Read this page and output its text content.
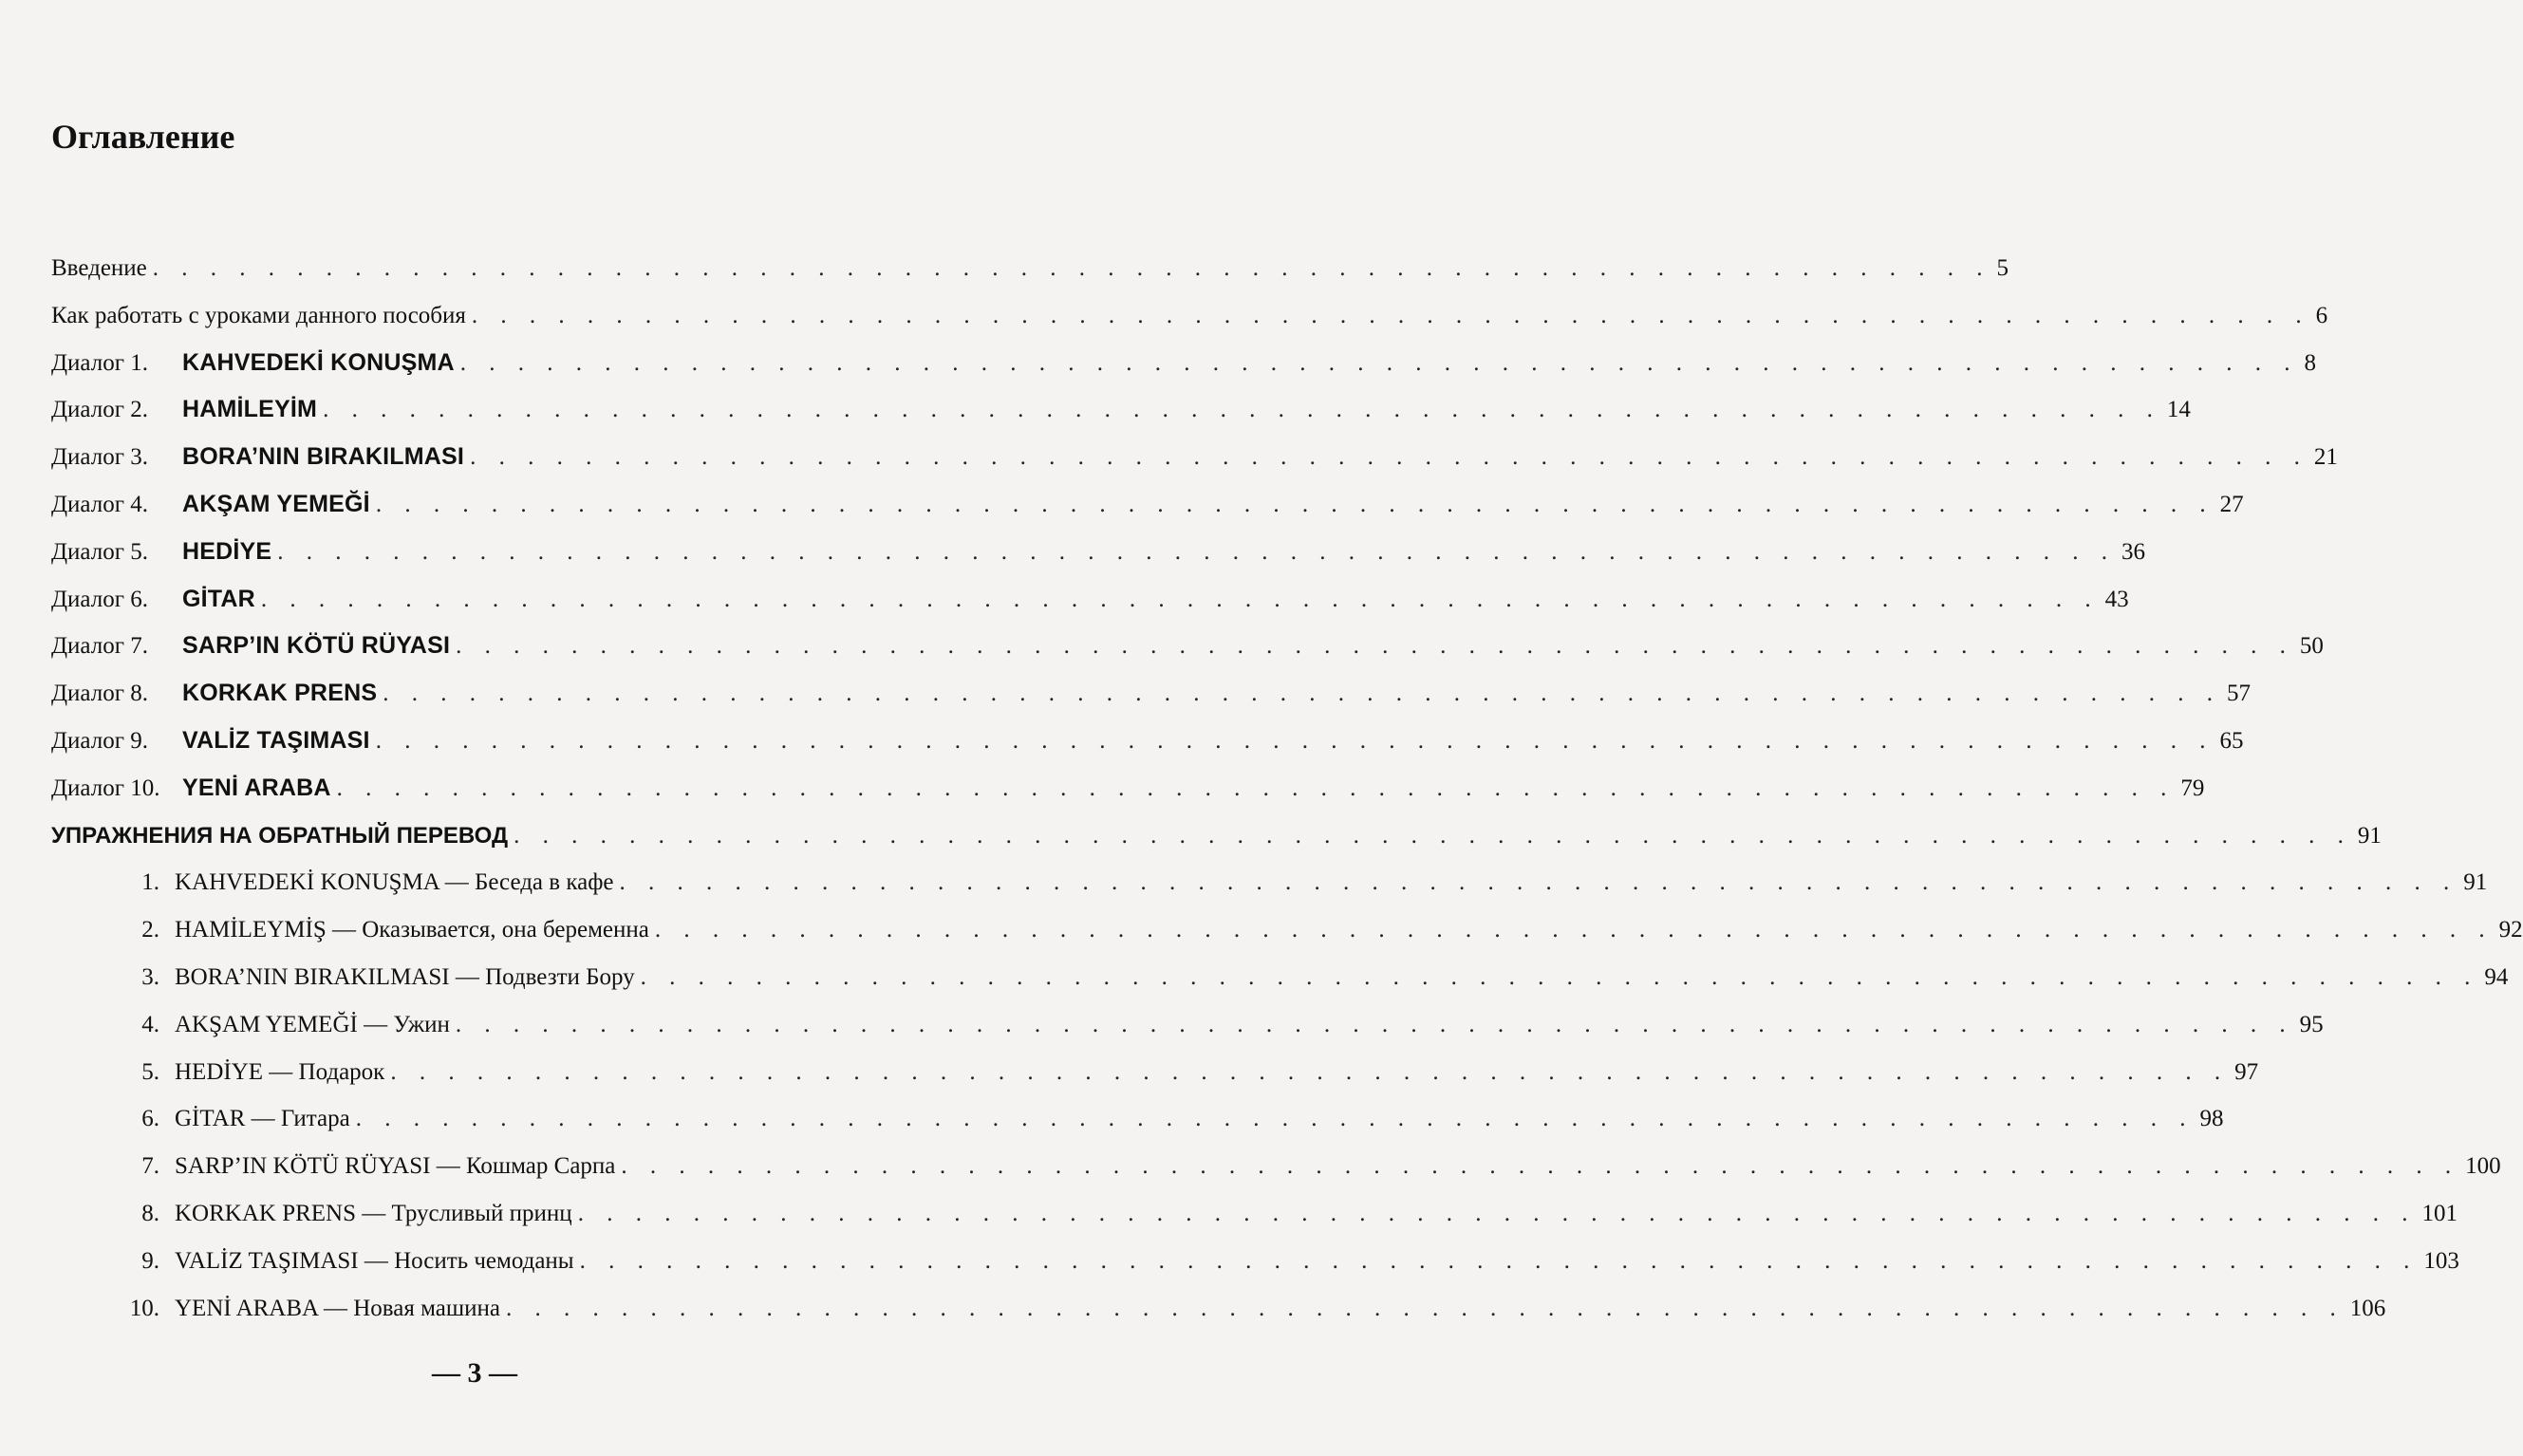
Оглавление
Введение . . . . . . . . . . . . . . . . . . . . . . . . . . . . . . . . . . . . . . . . . . . . . . . . . . . . . . . . . . . . . . . . 5
Как работать с уроками данного пособия . . . . . . . . . . . . . . . . . . . . . . . . . . . . . . . . . . . . . . . . . . . . . . . . . . . . . . . . . . . . . . . . 6
Диалог 1. KAHVEDEKİ KONUŞMA . . . . . . . . . . . . . . . . . . . . . . . . . . . . . . . . . . . . . . . . . . . . . . . . . . . . . . . . . . . . . . . . 8
Диалог 2. HAMİLEYİM . . . . . . . . . . . . . . . . . . . . . . . . . . . . . . . . . . . . . . . . . . . . . . . . . . . . . . . . . . . . . . . . 14
Диалог 3. BORA’NIN BIRAKILMASI . . . . . . . . . . . . . . . . . . . . . . . . . . . . . . . . . . . . . . . . . . . . . . . . . . . . . . . . . . . . . . . . 21
Диалог 4. AKŞAM YEMEĞİ . . . . . . . . . . . . . . . . . . . . . . . . . . . . . . . . . . . . . . . . . . . . . . . . . . . . . . . . . . . . . . . . 27
Диалог 5. HEDİYE . . . . . . . . . . . . . . . . . . . . . . . . . . . . . . . . . . . . . . . . . . . . . . . . . . . . . . . . . . . . . . . . 36
Диалог 6. GİTAR . . . . . . . . . . . . . . . . . . . . . . . . . . . . . . . . . . . . . . . . . . . . . . . . . . . . . . . . . . . . . . . . 43
Диалог 7. SARP’IN KÖTÜ RÜYASI . . . . . . . . . . . . . . . . . . . . . . . . . . . . . . . . . . . . . . . . . . . . . . . . . . . . . . . . . . . . . . . . 50
Диалог 8. KORKAK PRENS . . . . . . . . . . . . . . . . . . . . . . . . . . . . . . . . . . . . . . . . . . . . . . . . . . . . . . . . . . . . . . . . 57
Диалог 9. VALİZ TAŞIMASI . . . . . . . . . . . . . . . . . . . . . . . . . . . . . . . . . . . . . . . . . . . . . . . . . . . . . . . . . . . . . . . . 65
Диалог 10. YENİ ARABA . . . . . . . . . . . . . . . . . . . . . . . . . . . . . . . . . . . . . . . . . . . . . . . . . . . . . . . . . . . . . . . . 79
УПРАЖНЕНИЯ НА ОБРАТНЫЙ ПЕРЕВОД . . . . . . . . . . . . . . . . . . . . . . . . . . . . . . . . . . . . . . . . . . . . . . . . . . . . . . . . . . . . . . . . 91
1. KAHVEDEKİ KONUŞMA — Беседа в кафе . . . . . . . . . . . . . . . . . . . . . . . . . . . . . . . . . . . . . . . . . . . . . . . . . . . . . . . . . . . . . . . . 91
2. HAMİLEYMİŞ — Оказывается, она беременна . . . . . . . . . . . . . . . . . . . . . . . . . . . . . . . . . . . . . . . . . . . . . . . . . . . . . . . . . . . . . . . . 92
3. BORA’NIN BIRAKILMASI — Подвезти Бору . . . . . . . . . . . . . . . . . . . . . . . . . . . . . . . . . . . . . . . . . . . . . . . . . . . . . . . . . . . . . . . . 94
4. AKŞAM YEMEĞİ — Ужин . . . . . . . . . . . . . . . . . . . . . . . . . . . . . . . . . . . . . . . . . . . . . . . . . . . . . . . . . . . . . . . . 95
5. HEDİYE — Подарок . . . . . . . . . . . . . . . . . . . . . . . . . . . . . . . . . . . . . . . . . . . . . . . . . . . . . . . . . . . . . . . . 97
6. GİTAR — Гитара . . . . . . . . . . . . . . . . . . . . . . . . . . . . . . . . . . . . . . . . . . . . . . . . . . . . . . . . . . . . . . . . 98
7. SARP’IN KÖTÜ RÜYASI — Кошмар Сарпа . . . . . . . . . . . . . . . . . . . . . . . . . . . . . . . . . . . . . . . . . . . . . . . . . . . . . . . . . . . . . . . . 100
8. KORKAK PRENS — Трусливый принц . . . . . . . . . . . . . . . . . . . . . . . . . . . . . . . . . . . . . . . . . . . . . . . . . . . . . . . . . . . . . . . . 101
9. VALİZ TAŞIMASI — Носить чемоданы . . . . . . . . . . . . . . . . . . . . . . . . . . . . . . . . . . . . . . . . . . . . . . . . . . . . . . . . . . . . . . . . 103
10. YENİ ARABA — Новая машина . . . . . . . . . . . . . . . . . . . . . . . . . . . . . . . . . . . . . . . . . . . . . . . . . . . . . . . . . . . . . . . . 106
— 3 —
